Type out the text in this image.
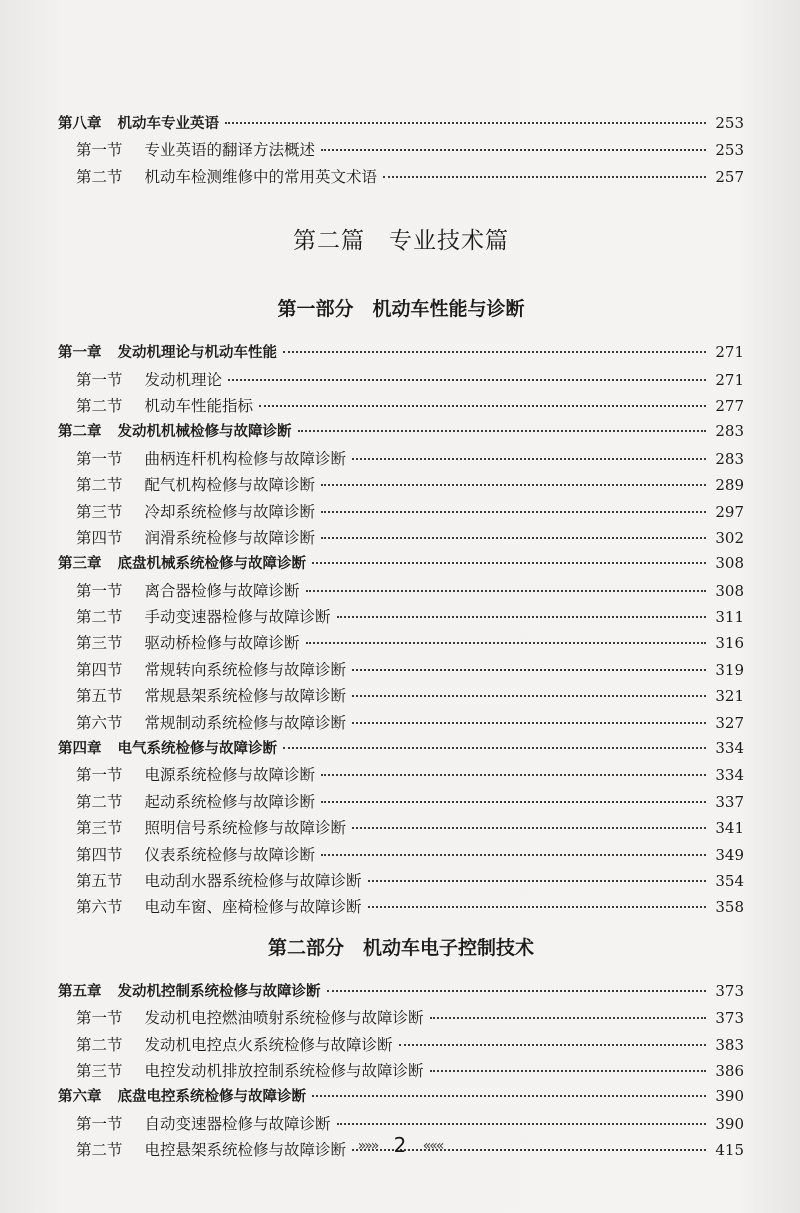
第八章 机动车专业英语	253
第一节 专业英语的翻译方法概述	253
第二节 机动车检测维修中的常用英文术语	257
第二篇　专业技术篇
第一部分　机动车性能与诊断
第一章 发动机理论与机动车性能	271
第一节 发动机理论	271
第二节 机动车性能指标	277
第二章 发动机机械检修与故障诊断	283
第一节 曲柄连杆机构检修与故障诊断	283
第二节 配气机构检修与故障诊断	289
第三节 冷却系统检修与故障诊断	297
第四节 润滑系统检修与故障诊断	302
第三章 底盘机械系统检修与故障诊断	308
第一节 离合器检修与故障诊断	308
第二节 手动变速器检修与故障诊断	311
第三节 驱动桥检修与故障诊断	316
第四节 常规转向系统检修与故障诊断	319
第五节 常规悬架系统检修与故障诊断	321
第六节 常规制动系统检修与故障诊断	327
第四章 电气系统检修与故障诊断	334
第一节 电源系统检修与故障诊断	334
第二节 起动系统检修与故障诊断	337
第三节 照明信号系统检修与故障诊断	341
第四节 仪表系统检修与故障诊断	349
第五节 电动刮水器系统检修与故障诊断	354
第六节 电动车窗、座椅检修与故障诊断	358
第二部分　机动车电子控制技术
第五章 发动机控制系统检修与故障诊断	373
第一节 发动机电控燃油喷射系统检修与故障诊断	373
第二节 发动机电控点火系统检修与故障诊断	383
第三节 电控发动机排放控制系统检修与故障诊断	386
第六章 底盘电控系统检修与故障诊断	390
第一节 自动变速器检修与故障诊断	390
第二节 电控悬架系统检修与故障诊断	415
»»» 2 «««
